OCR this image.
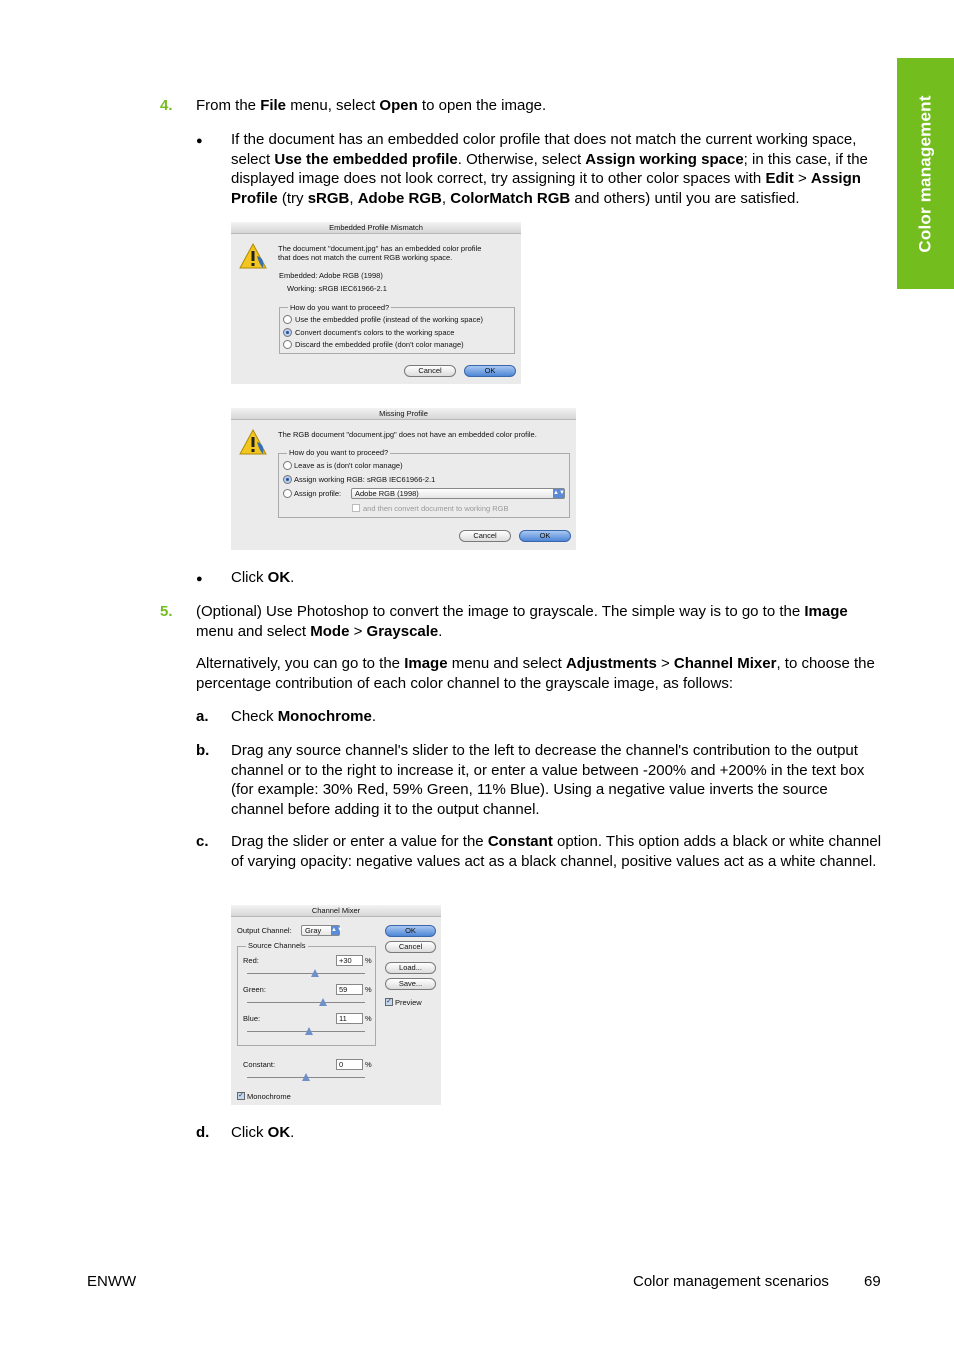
Color management
4. From the File menu, select Open to open the image.
● If the document has an embedded color profile that does not match the current working space, select Use the embedded profile. Otherwise, select Assign working space; in this case, if the displayed image does not look correct, try assigning it to other color spaces with Edit > Assign Profile (try sRGB, Adobe RGB, ColorMatch RGB and others) until you are satisfied.
Embedded Profile Mismatch
The document "document.jpg" has an embedded color profile
that does not match the current RGB working space.
Embedded: Adobe RGB (1998)
Working: sRGB IEC61966-2.1
How do you want to proceed?
Use the embedded profile (instead of the working space)
Convert document's colors to the working space
Discard the embedded profile (don't color manage)
Cancel	OK
Missing Profile
The RGB document "document.jpg" does not have an embedded color profile.
How do you want to proceed?
Leave as is (don't color manage)
Assign working RGB: sRGB IEC61966-2.1
Assign profile:	Adobe RGB (1998)	▲▼
and then convert document to working RGB
Cancel	OK
● Click OK.
5. (Optional) Use Photoshop to convert the image to grayscale. The simple way is to go to the Image menu and select Mode > Grayscale.
Alternatively, you can go to the Image menu and select Adjustments > Channel Mixer, to choose the percentage contribution of each color channel to the grayscale image, as follows:
a. Check Monochrome.
b. Drag any source channel's slider to the left to decrease the channel's contribution to the output channel or to the right to increase it, or enter a value between -200% and +200% in the text box (for example: 30% Red, 59% Green, 11% Blue). Using a negative value inverts the source channel before adding it to the output channel.
c. Drag the slider or enter a value for the Constant option. This option adds a black or white channel of varying opacity: negative values act as a black channel, positive values act as a white channel.
Channel Mixer
Output Channel:	Gray ▲▼
Source Channels
Red:	+30	%
Green:	59	%
Blue:	11	%
Constant:	0	%
✓ Monochrome
OK
Cancel
Load...
Save...
✓ Preview
d. Click OK.
ENWW	Color management scenarios 69
